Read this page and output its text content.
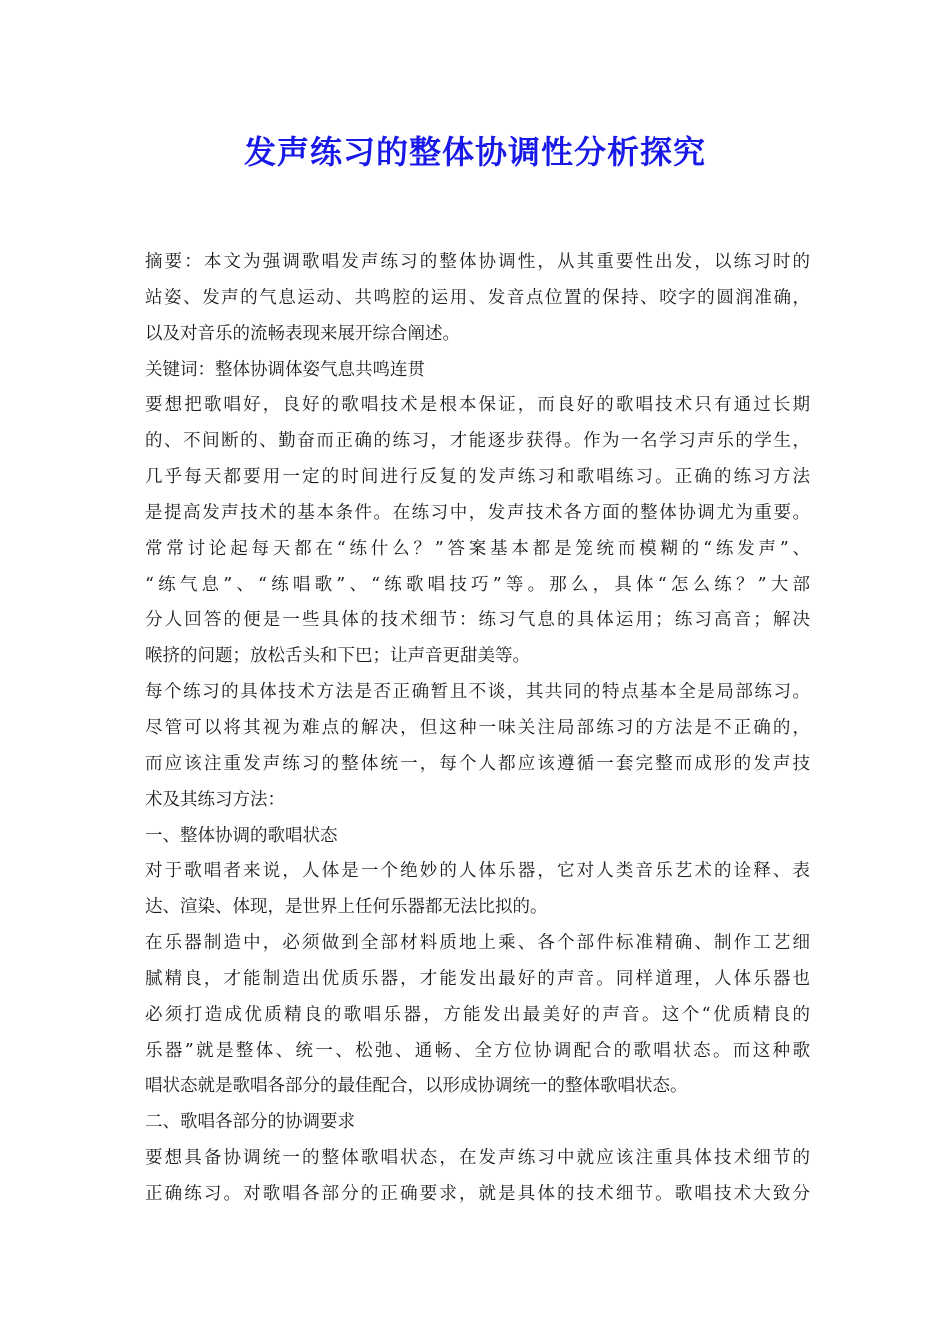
发声练习的整体协调性分析探究
摘要：本文为强调歌唱发声练习的整体协调性，从其重要性出发，以练习时的
站姿、发声的气息运动、共鸣腔的运用、发音点位置的保持、咬字的圆润准确，
以及对音乐的流畅表现来展开综合阐述。
关键词：整体协调体姿气息共鸣连贯
要想把歌唱好，良好的歌唱技术是根本保证，而良好的歌唱技术只有通过长期
的、不间断的、勤奋而正确的练习，才能逐步获得。作为一名学习声乐的学生，
几乎每天都要用一定的时间进行反复的发声练习和歌唱练习。正确的练习方法
是提高发声技术的基本条件。在练习中，发声技术各方面的整体协调尤为重要。
常常讨论起每天都在“练什么？”答案基本都是笼统而模糊的“练发声”、
“练气息”、“练唱歌”、“练歌唱技巧”等。那么，具体“怎么练？”大部
分人回答的便是一些具体的技术细节：练习气息的具体运用；练习高音；解决
喉挤的问题；放松舌头和下巴；让声音更甜美等。
每个练习的具体技术方法是否正确暂且不谈，其共同的特点基本全是局部练习。
尽管可以将其视为难点的解决，但这种一味关注局部练习的方法是不正确的，
而应该注重发声练习的整体统一，每个人都应该遵循一套完整而成形的发声技
术及其练习方法：
一、整体协调的歌唱状态
对于歌唱者来说，人体是一个绝妙的人体乐器，它对人类音乐艺术的诠释、表
达、渲染、体现，是世界上任何乐器都无法比拟的。
在乐器制造中，必须做到全部材料质地上乘、各个部件标准精确、制作工艺细
腻精良，才能制造出优质乐器，才能发出最好的声音。同样道理，人体乐器也
必须打造成优质精良的歌唱乐器，方能发出最美好的声音。这个“优质精良的
乐器”就是整体、统一、松弛、通畅、全方位协调配合的歌唱状态。而这种歌
唱状态就是歌唱各部分的最佳配合，以形成协调统一的整体歌唱状态。
二、歌唱各部分的协调要求
要想具备协调统一的整体歌唱状态，在发声练习中就应该注重具体技术细节的
正确练习。对歌唱各部分的正确要求，就是具体的技术细节。歌唱技术大致分
